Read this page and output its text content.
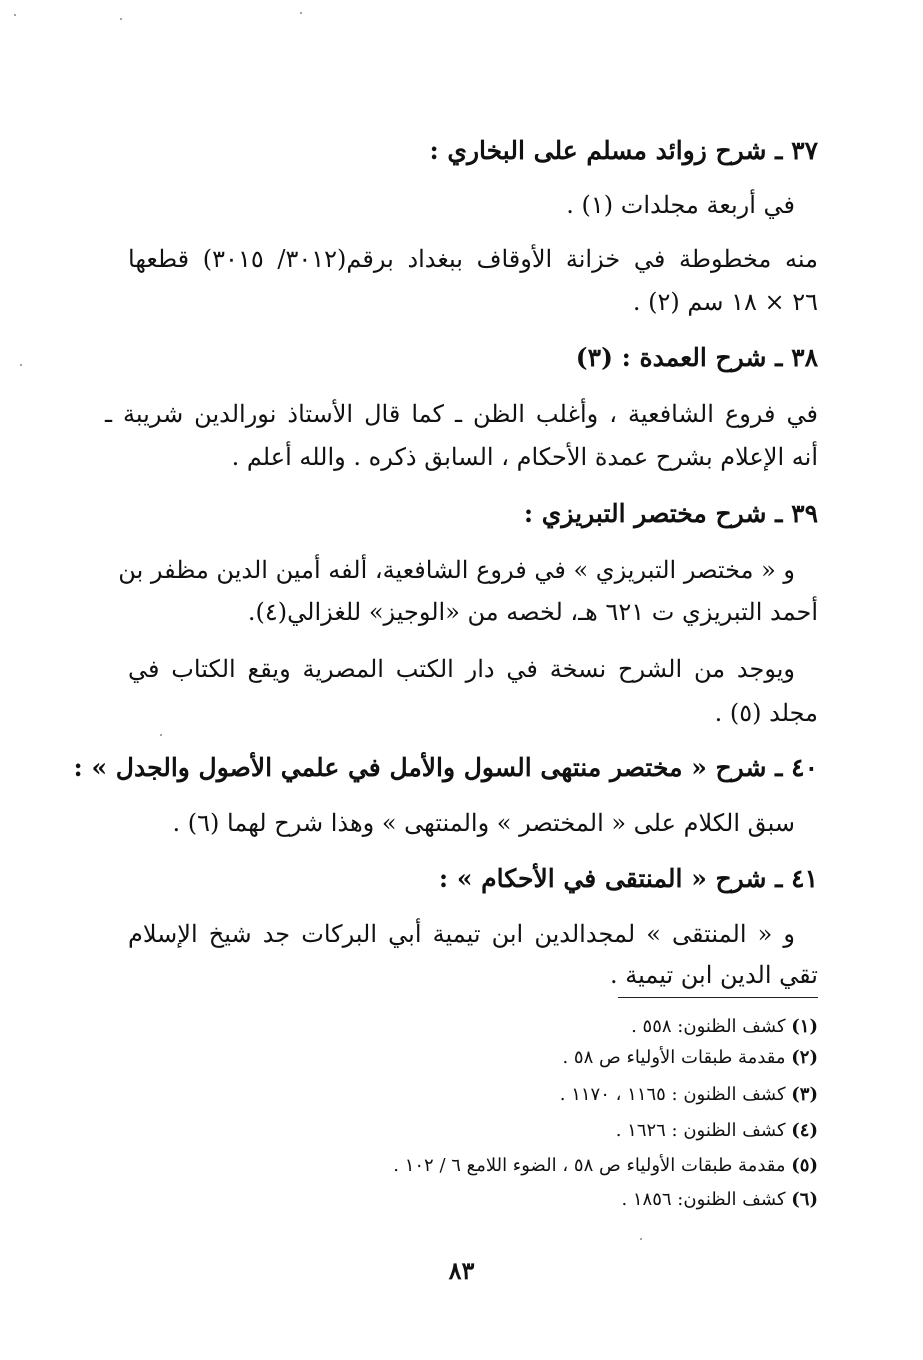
٣٧ ـ شرح زوائد مسلم على البخاري :
في أربعة مجلدات (١) .
منه مخطوطة في خزانة الأوقاف ببغداد برقم(٣٠١٢/ ٣٠١٥) قطعها
٢٦ × ١٨ سم (٢) .
٣٨ ـ شرح العمدة : (٣)
في فروع الشافعية ، وأغلب الظن ـ كما قال الأستاذ نورالدين شريبة ـ
أنه الإعلام بشرح عمدة الأحكام ، السابق ذكره . والله أعلم .
٣٩ ـ شرح مختصر التبريزي :
و « مختصر التبريزي » في فروع الشافعية، ألفه أمين الدين مظفر بن
أحمد التبريزي ت ٦٢١ هـ، لخصه من «الوجيز» للغزالي(٤).
ويوجد من الشرح نسخة في دار الكتب المصرية ويقع الكتاب في
مجلد (٥) .
٤٠ ـ شرح « مختصر منتهى السول والأمل في علمي الأصول والجدل » :
سبق الكلام على « المختصر » والمنتهى » وهذا شرح لهما (٦) .
٤١ ـ شرح « المنتقى في الأحكام » :
و « المنتقى » لمجدالدين ابن تيمية أبي البركات جد شيخ الإسلام
تقي الدين ابن تيمية .
(١) كشف الظنون: ٥٥٨ .
(٢) مقدمة طبقات الأولياء ص ٥٨ .
(٣) كشف الظنون : ١١٦٥ ، ١١٧٠ .
(٤) كشف الظنون : ١٦٢٦ .
(٥) مقدمة طبقات الأولياء ص ٥٨ ، الضوء اللامع ٦ / ١٠٢ .
(٦) كشف الظنون: ١٨٥٦ .
٨٣
